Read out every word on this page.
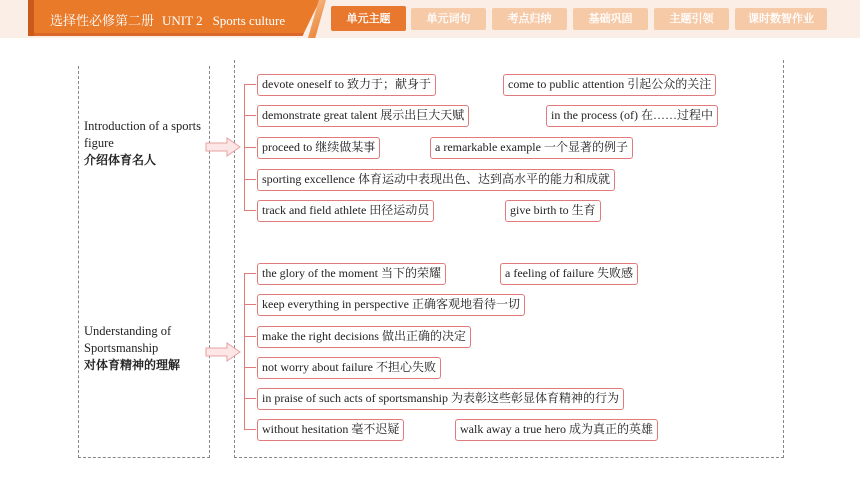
选择性必修第二册 UNIT 2 Sports culture	单元主题	单元词句	考点归纳	基础巩固	主题引领	课时数智作业
Introduction of a sports figure
介绍体育名人
devote oneself to 致力于；献身于	come to public attention 引起公众的关注
demonstrate great talent 展示出巨大天赋	in the process (of) 在……过程中
proceed to 继续做某事	a remarkable example 一个显著的例子
sporting excellence 体育运动中表现出色、达到高水平的能力和成就
track and field athlete 田径运动员	give birth to 生育
Understanding of Sportsmanship
对体育精神的理解
the glory of the moment 当下的荣耀	a feeling of failure 失败感
keep everything in perspective 正确客观地看待一切
make the right decisions 做出正确的决定
not worry about failure 不担心失败
in praise of such acts of sportsmanship 为表彰这些彰显体育精神的行为
without hesitation 毫不迟疑	walk away a true hero 成为真正的英雄
